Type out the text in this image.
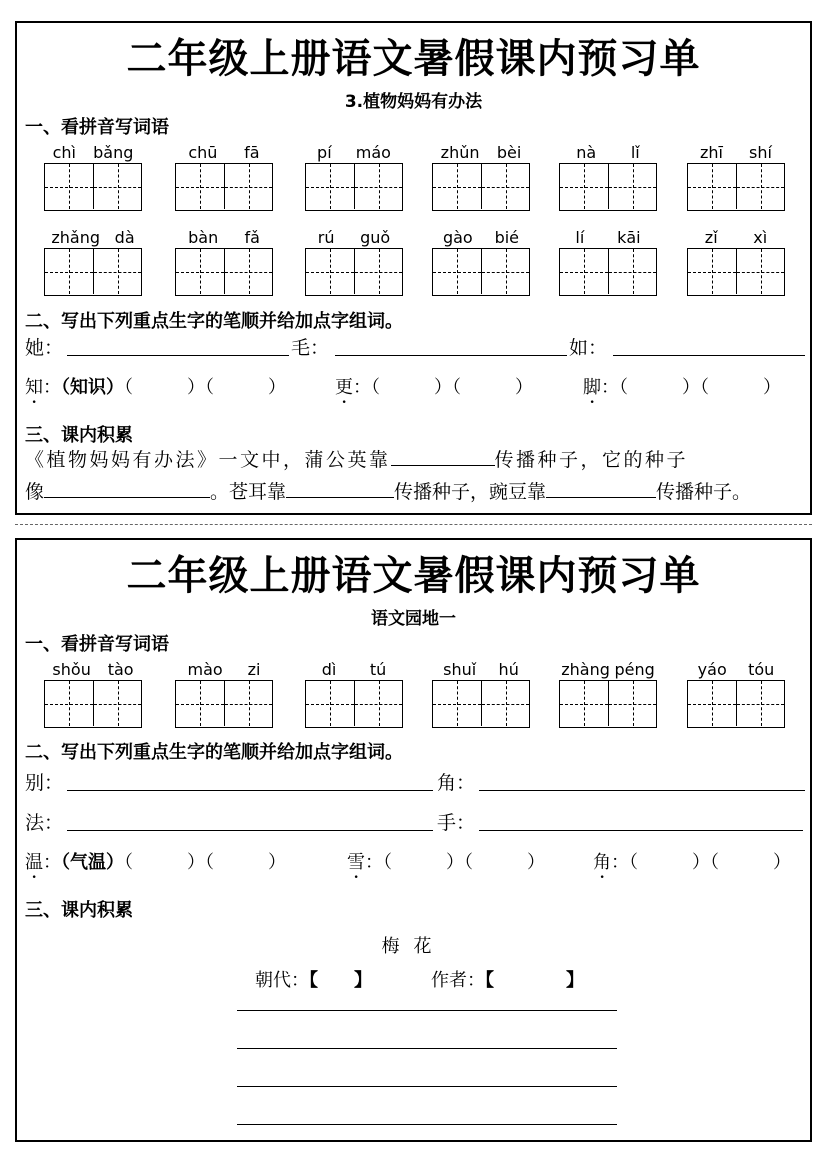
二年级上册语文暑假课内预习单
3.植物妈妈有办法
一、看拼音写词语
chì bǎng	chū fā	pí máo	zhǔn bèi	nà lǐ	zhī shí
zhǎng dà	bàn fǎ	rú guǒ	gào bié	lí kāi	zǐ xì
二、写出下列重点生字的笔顺并给加点字组词。
她：	毛：	如：
知：（知识）（　　　）（　　　）	更：（　　　）（　　　）	脚：（　　　）（　　　）
三、课内积累
《植物妈妈有办法》一文中，蒲公英靠	传播种子，它的种子
像	。苍耳靠	传播种子，豌豆靠	传播种子。
二年级上册语文暑假课内预习单
语文园地一
一、看拼音写词语
shǒu tào	mào zi	dì tú	shuǐ hú	zhàng péng	yáo tóu
二、写出下列重点生字的笔顺并给加点字组词。
别：	角：
法：	手：
温：（气温）（　　　）（　　　）	雪：（　　　）（　　　）	角：（　　　）（　　　）
三、课内积累
梅花
朝代：【　　】	作者：【　　　　】
